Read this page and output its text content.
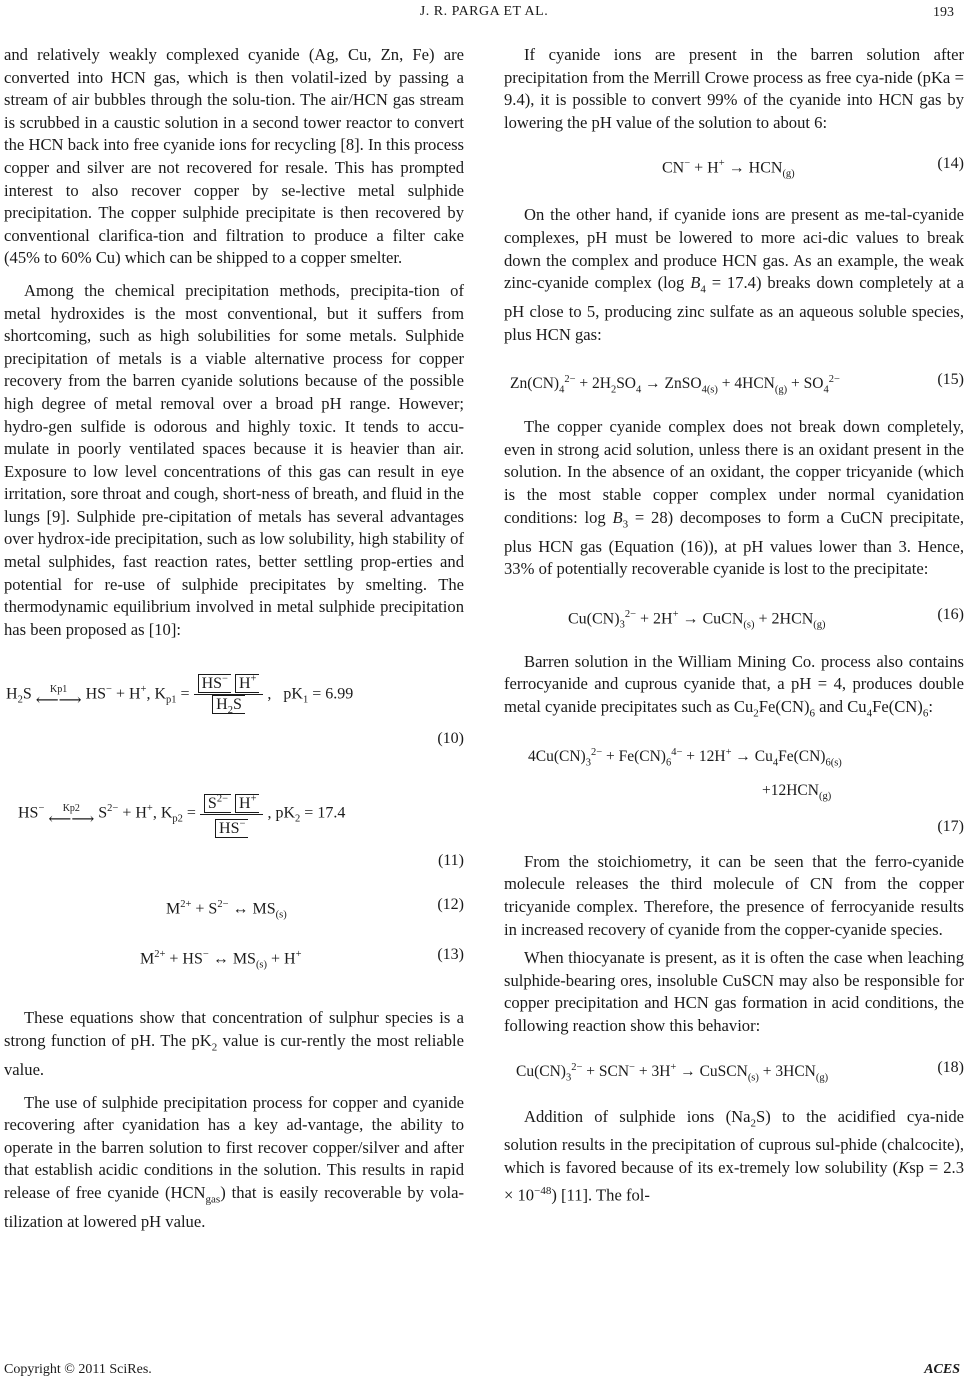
J. R. PARGA ET AL.	193

and relatively weakly complexed cyanide (Ag, Cu, Zn, Fe) are converted into HCN gas, which is then volatil-ized by passing a stream of air bubbles through the solu-tion. The air/HCN gas stream is scrubbed in a caustic solution in a second tower reactor to convert the HCN back into free cyanide ions for recycling [8]. In this process copper and silver are not recovered for resale. This has prompted interest to also recover copper by se-lective metal sulphide precipitation. The copper sulphide precipitate is then recovered by conventional clarifica-tion and filtration to produce a filter cake (45% to 60% Cu) which can be shipped to a copper smelter.

Among the chemical precipitation methods, precipita-tion of metal hydroxides is the most conventional, but it suffers from shortcoming, such as high solubilities for some metals. Sulphide precipitation of metals is a viable alternative process for copper recovery from the barren cyanide solutions because of the possible high degree of metal removal over a broad pH range. However; hydro-gen sulfide is odorous and highly toxic. It tends to accu-mulate in poorly ventilated spaces because it is heavier than air. Exposure to low level concentrations of this gas can result in eye irritation, sore throat and cough, short-ness of breath, and fluid in the lungs [9]. Sulphide pre-cipitation of metals has several advantages over hydrox-ide precipitation, such as low solubility, high stability of metal sulphides, fast reaction rates, better settling prop-erties and potential for re-use of sulphide precipitates by smelting. The thermodynamic equilibrium involved in metal sulphide precipitation has been proposed as [10]:

$H_2S$ Kp1
⟵⟶ HS− + H+, $K_{p1} = \frac{HS^- H^+}{H_2S}$ ,   $pK_1 = 6.99$
(10)
HS− Kp2
⟵⟶ $S^{2-} + H^+$, $K_{p2} = \frac{S^{2-} H^+}{HS^-}$ , $pK_2 = 17.4$
(11)
$M^{2+} + S^{2-}$ ↔ $MS_{(s)}$
(12)
$M^{2+} + HS^-$ ↔ $MS_{(s)} + H^+$	(13)

These equations show that concentration of sulphur species is a strong function of pH. The $pK_2$ value is cur-rently the most reliable value.

The use of sulphide precipitation process for copper and cyanide recovering after cyanidation has a key ad-vantage, the ability to operate in the barren solution to first recover copper/silver and after that establish acidic conditions in the solution. This results in rapid release of free cyanide $(HCN_{gas})$ that is easily recoverable by vola-tilization at lowered pH value.

If cyanide ions are present in the barren solution after precipitation from the Merrill Crowe process as free cya-nide (pKa = 9.4), it is possible to convert 99% of the cyanide into HCN gas by lowering the pH value of the solution to about 6:

$CN^- + H^+ \to HCN_{(g)}$
(14)

On the other hand, if cyanide ions are present as me-tal-cyanide complexes, pH must be lowered to more aci-dic values to break down the complex and produce HCN gas. As an example, the weak zinc-cyanide complex (log $B_4 = 17.4$) breaks down completely at a pH close to 5, producing zinc sulfate as an aqueous soluble species, plus HCN gas:

$Zn(CN)_4^{2-} + 2H_2SO_4$ → ZnSO$_{4(s)}$ + $4HCN_{(g)} + SO_4^{2-}$	(15)

The copper cyanide complex does not break down completely, even in strong acid solution, unless there is an oxidant present in the solution. In the absence of an oxidant, the copper tricyanide (which is the most stable copper complex under normal cyanidation conditions: $\log B_3 = 28$) decomposes to form a CuCN precipitate, plus HCN gas (Equation (16)), at pH values lower than 3. Hence, 33% of potentially recoverable cyanide is lost to the precipitate:

$Cu(CN)_3^{2-} + 2H^+$ → CuCN$_{(s)}$ + $2HCN_{(g)}$
(16)

Barren solution in the William Mining Co. process also contains ferrocyanide and cuprous cyanide that, a pH = 4, produces double metal cyanide precipitates such as $Cu_2Fe(CN)_6$ and $Cu_4Fe(CN)_6$:

$4Cu(CN)_3^{2-} + Fe(CN)_6^{4-} + 12H^+ \to Cu_4Fe(CN)_{6(s)}$
$+12HCN_{(g)}$
(17)

From the stoichiometry, it can be seen that the ferro-cyanide molecule releases the third molecule of CN from the copper tricyanide complex. Therefore, the presence of ferrocyanide results in increased recovery of cyanide from the copper-cyanide species.

When thiocyanate is present, as it is often the case when leaching sulphide-bearing ores, insoluble CuSCN may also be responsible for copper precipitation and HCN gas formation in acid conditions, the following reaction show this behavior:

$Cu(CN)_3^{2-} + SCN^- + 3H^+$ → CuSCN$_{(s)}$ + $3HCN_{(g)}$
(18)

Addition of sulphide ions $(Na_2S)$ to the acidified cya-nide solution results in the precipitation of cuprous sul-phide (chalcocite), which is favored because of its ex-tremely low solubility $(Ksp = 2.3 \times 10^{-48})$ [11]. The fol-

Copyright © 2011 SciRes.	ACES
